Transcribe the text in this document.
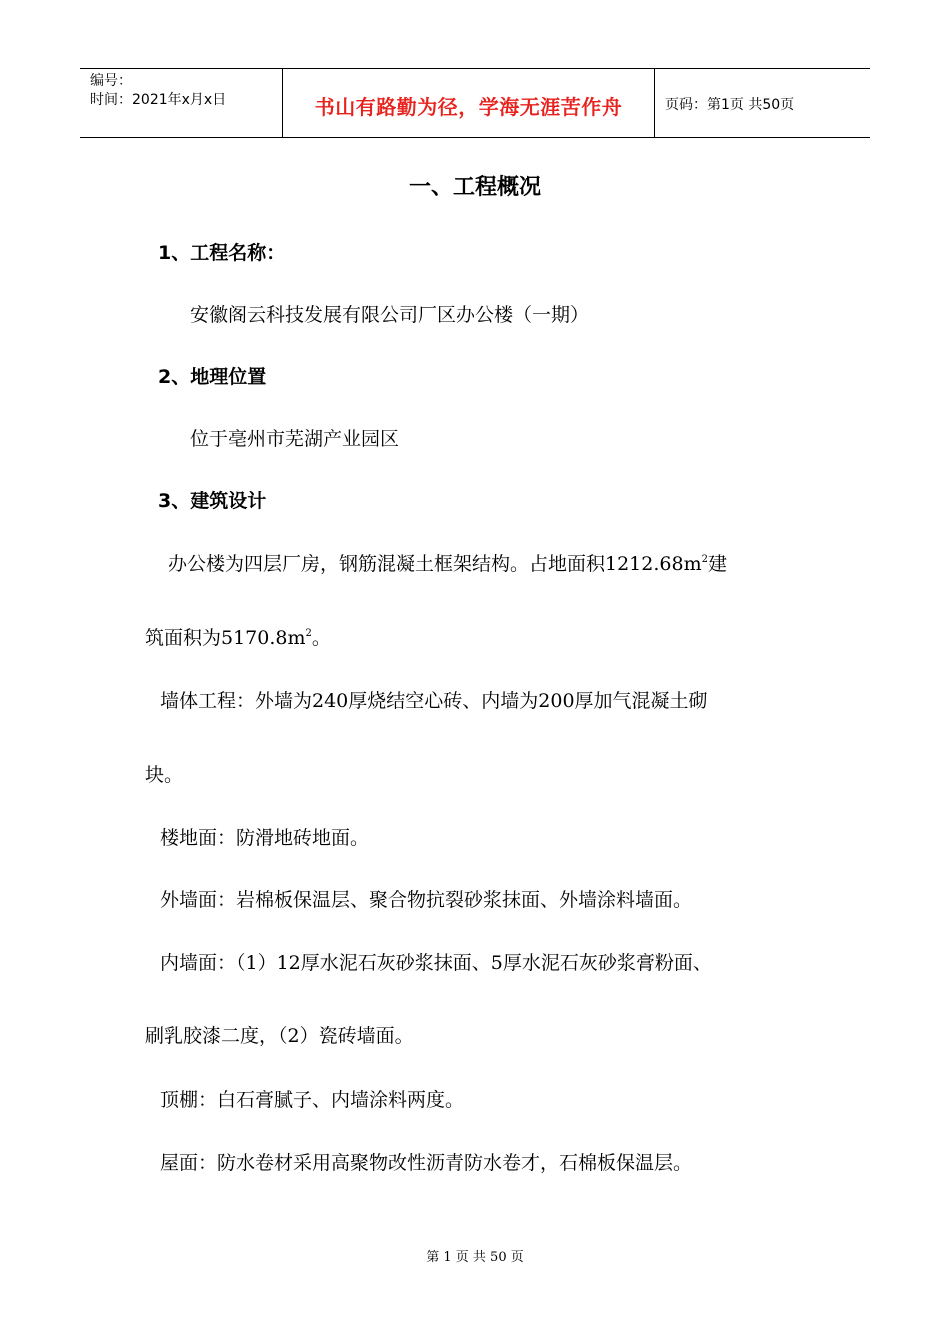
编号：
时间：2021年x月x日	书山有路勤为径，学海无涯苦作舟	页码：第1页 共50页
一、工程概况
1、工程名称：
安徽阁云科技发展有限公司厂区办公楼（一期）
2、地理位置
位于亳州市芜湖产业园区
3、建筑设计
办公楼为四层厂房，钢筋混凝土框架结构。占地面积$1212.68m^2$建
筑面积为$5170.8m^2$。
墙体工程：外墙为240厚烧结空心砖、内墙为200厚加气混凝土砌
块。
楼地面：防滑地砖地面。
外墙面：岩棉板保温层、聚合物抗裂砂浆抹面、外墙涂料墙面。
内墙面：（1）12厚水泥石灰砂浆抹面、5厚水泥石灰砂浆膏粉面、
刷乳胶漆二度，（2）瓷砖墙面。
顶棚：白石膏腻子、内墙涂料两度。
屋面：防水卷材采用高聚物改性沥青防水卷才，石棉板保温层。
第 1 页 共 50 页
